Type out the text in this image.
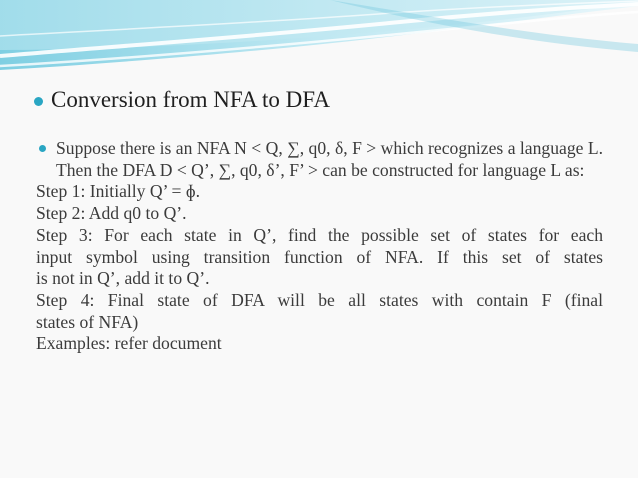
Conversion from NFA to DFA
Suppose there is an NFA N < Q, ∑, q0, δ, F > which recognizes a language L. Then the DFA D < Q’, ∑, q0, δ’, F’ > can be constructed for language L as:
Step 1: Initially Q’ = ɸ.
Step 2: Add q0 to Q’.
Step 3: For each state in Q’, find the possible set of states for each
input symbol using transition function of NFA. If this set of states
is not in Q’, add it to Q’.
Step 4: Final state of DFA will be all states with contain F (final
states of NFA)
Examples: refer document
